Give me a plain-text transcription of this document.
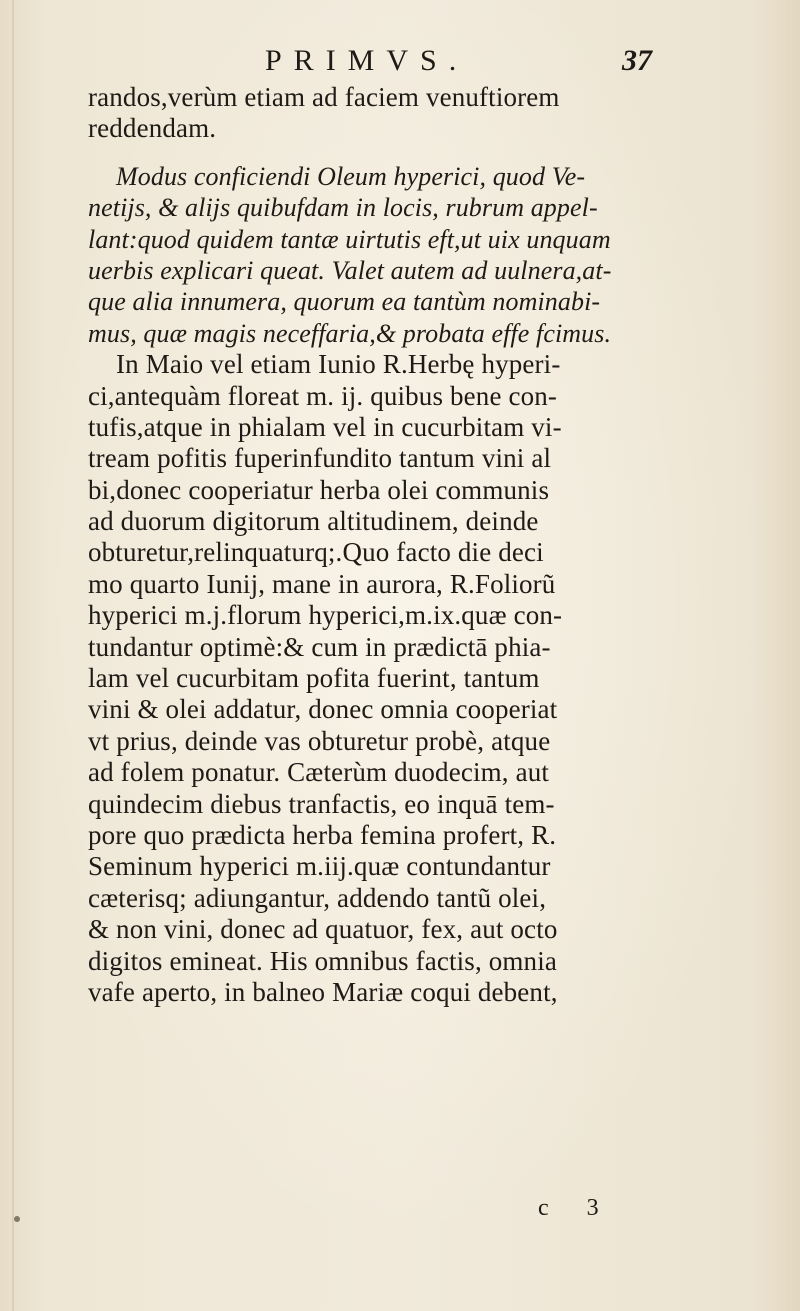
PRIMVS.	37
randos,verùm etiam ad faciem venuftiorem
reddendam.
Modus conficiendi Oleum hyperici, quod Ve-
netijs, & alijs quibufdam in locis, rubrum appel-
lant:quod quidem tantæ uirtutis eft,ut uix unquam
uerbis explicari queat. Valet autem ad uulnera,at-
que alia innumera, quorum ea tantùm nominabi-
mus, quæ magis neceffaria,& probata effe fcimus.
In Maio vel etiam Iunio R.Herbę hyperi-
ci,antequàm floreat m. ij. quibus bene con-
tufis,atque in phialam vel in cucurbitam vi-
tream pofitis fuperinfundito tantum vini al
bi,donec cooperiatur herba olei communis
ad duorum digitorum altitudinem, deinde
obturetur,relinquaturq;.Quo facto die deci
mo quarto Iunij, mane in aurora, R.Foliorũ
hyperici m.j.florum hyperici,m.ix.quæ con-
tundantur optimè:& cum in prædictā phia-
lam vel cucurbitam pofita fuerint, tantum
vini & olei addatur, donec omnia cooperiat
vt prius, deinde vas obturetur probè, atque
ad folem ponatur. Cæterùm duodecim, aut
quindecim diebus tranfactis, eo inquā tem-
pore quo prædicta herba femina profert, R.
Seminum hyperici m.iij.quæ contundantur
cæterisq; adiungantur, addendo tantũ olei,
& non vini, donec ad quatuor, fex, aut octo
digitos emineat. His omnibus factis, omnia
vafe aperto, in balneo Mariæ coqui debent,
c 3
